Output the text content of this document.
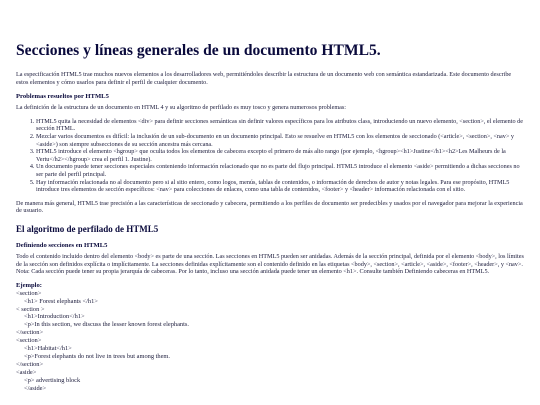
Secciones y líneas generales de un documento HTML5.

La especificación HTML5 trae muchos nuevos elementos a los desarrolladores web, permitiéndoles describir la estructura de un documento web con semántica estandarizada. Este documento describe estos elementos y cómo usarlos para definir el perfil de cualquier documento.

Problemas resueltos por HTML5

La definición de la estructura de un documento en HTML 4 y su algoritmo de perfilado es muy tosco y genera numerosos problemas:

1. HTML5 quita la necesidad de elementos <div> para definir secciones semánticas sin definir valores específicos para los atributos class, introduciendo un nuevo elemento, <section>, el elemento de sección HTML.
2. Mezclar varios documentos es difícil: la inclusión de un sub-documento en un documento principal. Esto se resuelve en HTML5 con los elementos de seccionado (<article>, <section>, <nav> y <aside>) son siempre subsecciones de su sección ancestra más cercana.
3. HTML5 introduce el elemento <hgroup> que oculta todos los elementos de cabecera excepto el primero de más alto rango (por ejemplo, <hgroup><h1>Justine</h1><h2>Les Malheurs de la Vertu</h2></hgroup> crea el perfil 1. Justine).
4. Un documento puede tener secciones especiales conteniendo información relacionado que no es parte del flujo principal. HTML5 introduce el elemento <aside> permitiendo a dichas secciones no ser parte del perfil principal.
5. Hay información relacionada no al documento pero si al sitio entero, como logos, menús, tablas de contenidos, o información de derechos de autor y notas legales. Para ese propósito, HTML5 introduce tres elementos de sección específicos: <nav> para colecciones de enlaces, como una tabla de contenidos, <footer> y <header> información relacionada con el sitio.

De manera más general, HTML5 trae precisión a las características de seccionado y cabecera, permitiendo a los perfiles de documento ser predecibles y usados por el navegador para mejorar la experiencia de usuario.

El algoritmo de perfilado de HTML5
Definiendo secciones en HTML5

Todo el contenido incluido dentro del elemento <body> es parte de una sección. Las secciones en HTML5 pueden ser anidadas. Además de la sección principal, definida por el elemento <body>, los límites de la sección son definidos explícita o implícitamente. La secciones definidas explícitamente son el contenido definido en las etiquetas <body>, <section>, <article>, <aside>, <footer>, <header>, y <nav>. Nota: Cada sección puede tener su propia jerarquía de cabeceras. Por lo tanto, incluso una sección anidada puede tener un elemento <h1>. Consulte también Definiendo cabeceras en HTML5.

Ejemplo:
<section>
<h1> Forest elephants </h1>
< section >
<h1>Introduction</h1>
<p>In this section, we discuss the lesser known forest elephants.
</section>
<section>
<h1>Habitat</h1>
<p>Forest elephants do not live in trees but among them.
</section>
<aside>
<p> advertising block
</aside>
